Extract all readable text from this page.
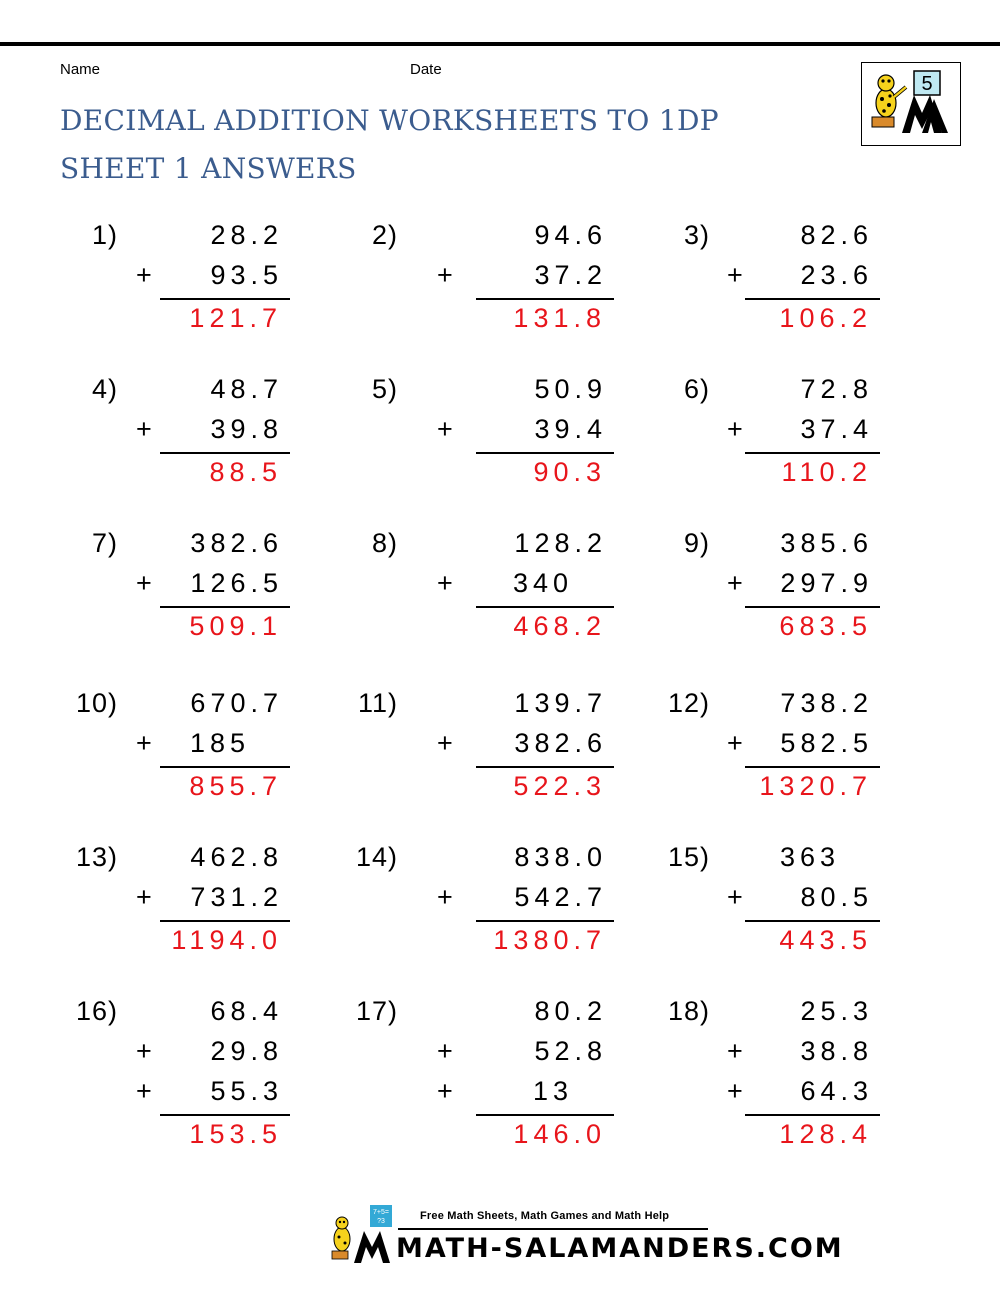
Name	Date
DECIMAL ADDITION WORKSHEETS TO 1DP
SHEET 1 ANSWERS
5
1)	28.2
93.5
+
121.7
2)	94.6
37.2
+
131.8
3)	82.6
23.6
+
106.2
4)	48.7
39.8
+
88.5
5)	50.9
39.4
+
90.3
6)	72.8
37.4
+
110.2
7)	382.6
126.5
+
509.1
8)	128.2
340
+
468.2
9)	385.6
297.9
+
683.5
10)	670.7
185
+
855.7
11)	139.7
382.6
+
522.3
12)	738.2
582.5
+
1320.7
13)	462.8
731.2
+
1194.0
14)	838.0
542.7
+
1380.7
15)	363
80.5
+
443.5
16)	68.4
29.8
+
55.3
+
153.5
17)	80.2
52.8
+
13
+
146.0
18)	25.3
38.8
+
64.3
+
128.4
7+5=
?3	Free Math Sheets, Math Games and Math Help
MATH-SALAMANDERS.COM
